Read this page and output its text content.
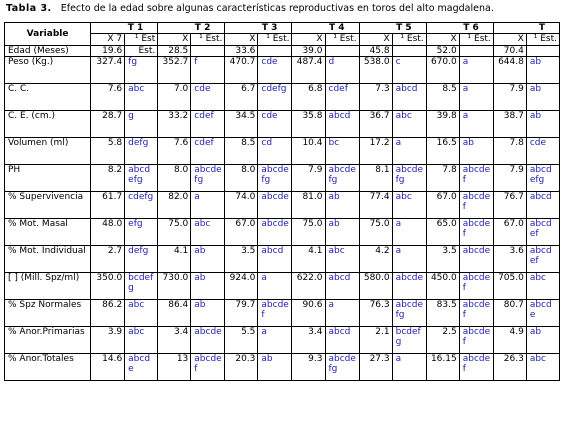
Tabla 3. Efecto de la edad sobre algunas características reproductivas en toros del alto magdalena.
Variable	T 1		T 2		T 3		T 4		T 5		T 6		T	
	X 7	¹ Est	X	¹ Est.	X	¹ Est.	X	¹ Est.	X	¹ Est.	X	¹ Est.	X	¹ Est.
Edad (Meses)	19.6	Est.	28.5		33.6		39.0		45.8		52.0		70.4	
Peso (Kg.)	327.4	fg	352.7	f	470.7	cde	487.4	d	538.0	c	670.0	a	644.8	ab
C. C.	7.6	abc	7.0	cde	6.7	cdefg	6.8	cdef	7.3	abcd	8.5	a	7.9	ab
C. E. (cm.)	28.7	g	33.2	cdef	34.5	cde	35.8	abcd	36.7	abc	39.8	a	38.7	ab
Volumen (ml)	5.8	defg	7.6	cdef	8.5	cd	10.4	bc	17.2	a	16.5	ab	7.8	cde
PH	8.2	abcdefg	8.0	abcdefg	8.0	abcdefg	7.9	abcdefg	8.1	abcdefg	7.8	abcdef	7.9	abcdefg
% Supervivencia	61.7	cdefg	82.0	a	74.0	abcde	81.0	ab	77.4	abc	67.0	abcdef	76.7	abcd
% Mot. Masal	48.0	efg	75.0	abc	67.0	abcde	75.0	ab	75.0	a	65.0	abcdef	67.0	abcdef
% Mot. Individual	2.7	defg	4.1	ab	3.5	abcd	4.1	abc	4.2	a	3.5	abcde	3.6	abcdef
[ ] (Mill. Spz/ml)	350.0	bcdefg	730.0	ab	924.0	a	622.0	abcd	580.0	abcde	450.0	abcdef	705.0	abc
% Spz Normales	86.2	abc	86.4	ab	79.7	abcdef	90.6	a	76.3	abcdefg	83.5	abcdef	80.7	abcde
% Anor.Primarias	3.9	abc	3.4	abcde	5.5	a	3.4	abcd	2.1	bcdefg	2.5	abcdef	4.9	ab
% Anor.Totales	14.6	abcde	13	abcdef	20.3	ab	9.3	abcdefg	27.3	a	16.15	abcdef	26.3	abc
